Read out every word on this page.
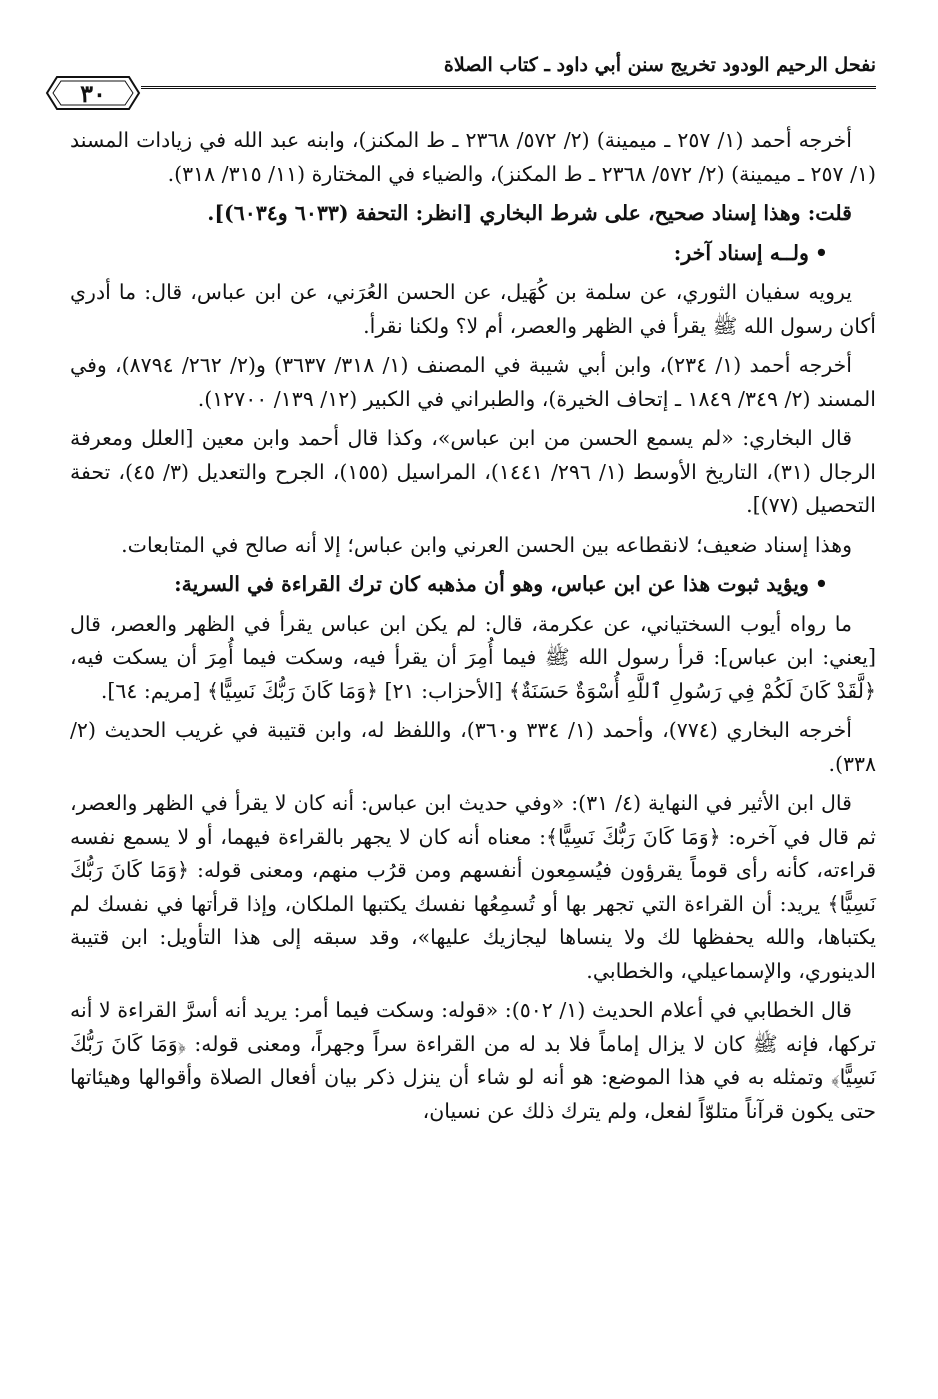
نفحل الرحيم الودود تخريج سنن أبي داود ـ كتاب الصلاة
٣٠

أخرجه أحمد (١/ ٢٥٧ ـ ميمينة) (٢/ ٥٧٢/ ٢٣٦٨ ـ ط المكنز)، وابنه عبد الله في زيادات المسند (١/ ٢٥٧ ـ ميمينة) (٢/ ٥٧٢/ ٢٣٦٨ ـ ط المكنز)، والضياء في المختارة (١١/ ٣١٥/ ٣١٨).

قلت: وهذا إسناد صحيح، على شرط البخاري [انظر: التحفة (٦٠٣٣ و٦٠٣٤)].

•ولــه إسناد آخر:

يرويه سفيان الثوري، عن سلمة بن كُهَيل، عن الحسن العُرَني، عن ابن عباس، قال: ما أدري أكان رسول الله ﷺ يقرأ في الظهر والعصر، أم لا؟ ولكنا نقرأ.

أخرجه أحمد (١/ ٢٣٤)، وابن أبي شيبة في المصنف (١/ ٣١٨/ ٣٦٣٧) و(٢/ ٢٦٢/ ٨٧٩٤)، وفي المسند (٢/ ٣٤٩/ ١٨٤٩ ـ إتحاف الخيرة)، والطبراني في الكبير (١٢/ ١٣٩/ ١٢٧٠٠).

قال البخاري: «لم يسمع الحسن من ابن عباس»، وكذا قال أحمد وابن معين [العلل ومعرفة الرجال (٣١)، التاريخ الأوسط (١/ ٢٩٦/ ١٤٤١)، المراسيل (١٥٥)، الجرح والتعديل (٣/ ٤٥)، تحفة التحصيل (٧٧)].

وهذا إسناد ضعيف؛ لانقطاعه بين الحسن العرني وابن عباس؛ إلا أنه صالح في المتابعات.

•ويؤيد ثبوت هذا عن ابن عباس، وهو أن مذهبه كان ترك القراءة في السرية:

ما رواه أيوب السختياني، عن عكرمة، قال: لم يكن ابن عباس يقرأ في الظهر والعصر، قال [يعني: ابن عباس]: قرأ رسول الله ﷺ فيما أُمِرَ أن يقرأ فيه، وسكت فيما أُمِرَ أن يسكت فيه، ﴿لَّقَدْ كَانَ لَكُمْ فِي رَسُولِ ٱللَّهِ أُسْوَةٌ حَسَنَةٌ﴾ [الأحزاب: ٢١] ﴿وَمَا كَانَ رَبُّكَ نَسِيًّا﴾ [مريم: ٦٤].

أخرجه البخاري (٧٧٤)، وأحمد (١/ ٣٣٤ و٣٦٠)، واللفظ له، وابن قتيبة في غريب الحديث (٢/ ٣٣٨).

قال ابن الأثير في النهاية (٤/ ٣١): «وفي حديث ابن عباس: أنه كان لا يقرأ في الظهر والعصر، ثم قال في آخره: ﴿وَمَا كَانَ رَبُّكَ نَسِيًّا﴾: معناه أنه كان لا يجهر بالقراءة فيهما، أو لا يسمع نفسه قراءته، كأنه رأى قوماً يقرؤون فيُسمِعون أنفسهم ومن قرُب منهم، ومعنى قوله: ﴿وَمَا كَانَ رَبُّكَ نَسِيًّا﴾ يريد: أن القراءة التي تجهر بها أو تُسمِعُها نفسك يكتبها الملكان، وإذا قرأتها في نفسك لم يكتباها، والله يحفظها لك ولا ينساها ليجازيك عليها»، وقد سبقه إلى هذا التأويل: ابن قتيبة الدينوري، والإسماعيلي، والخطابي.

قال الخطابي في أعلام الحديث (١/ ٥٠٢): «قوله: وسكت فيما أمر: يريد أنه أسرَّ القراءة لا أنه تركها، فإنه ﷺ كان لا يزال إماماً فلا بد له من القراءة سراً وجهراً، ومعنى قوله: ﴿وَمَا كَانَ رَبُّكَ نَسِيًّا﴾ وتمثله به في هذا الموضع: هو أنه لو شاء أن ينزل ذكر بيان أفعال الصلاة وأقوالها وهيئاتها حتى يكون قرآناً متلوّاً لفعل، ولم يترك ذلك عن نسيان،
